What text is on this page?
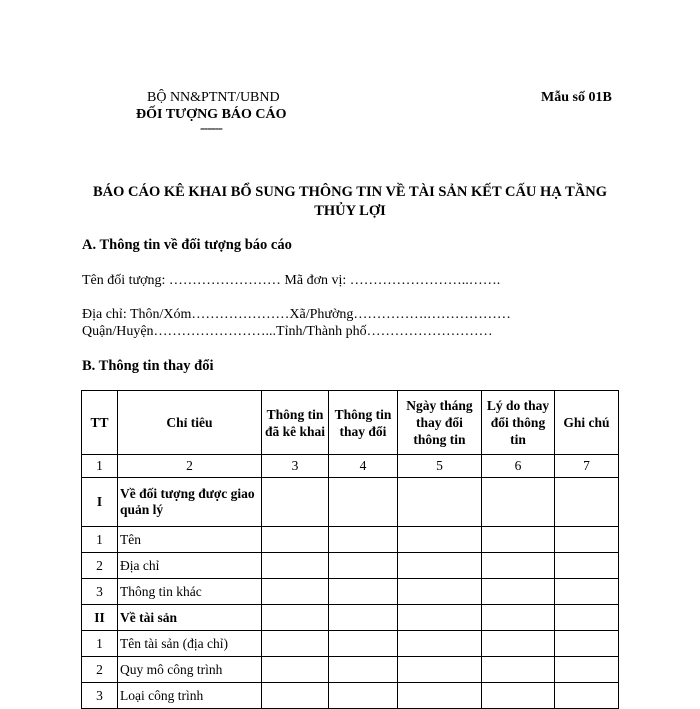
BỘ NN&PTNT/UBND
ĐỐI TƯỢNG BÁO CÁO
------
Mẫu số 01B
BÁO CÁO KÊ KHAI BỔ SUNG THÔNG TIN VỀ TÀI SẢN KẾT CẤU HẠ TẦNG
THỦY LỢI
A. Thông tin về đối tượng báo cáo
Tên đối tượng: …………………… Mã đơn vị: ……………………..…….
Địa chỉ: Thôn/Xóm…………………Xã/Phường…………….………………
Quận/Huyện……………………...Tỉnh/Thành phố………………………
B. Thông tin thay đổi
TT	Chỉ tiêu	Thông tin đã kê khai	Thông tin thay đổi	Ngày tháng thay đổi thông tin	Lý do thay đổi thông tin	Ghi chú
1	2	3	4	5	6	7
I	Về đối tượng được giao quản lý					
1	Tên					
2	Địa chỉ					
3	Thông tin khác					
II	Về tài sản					
1	Tên tài sản (địa chỉ)					
2	Quy mô công trình					
3	Loại công trình					
